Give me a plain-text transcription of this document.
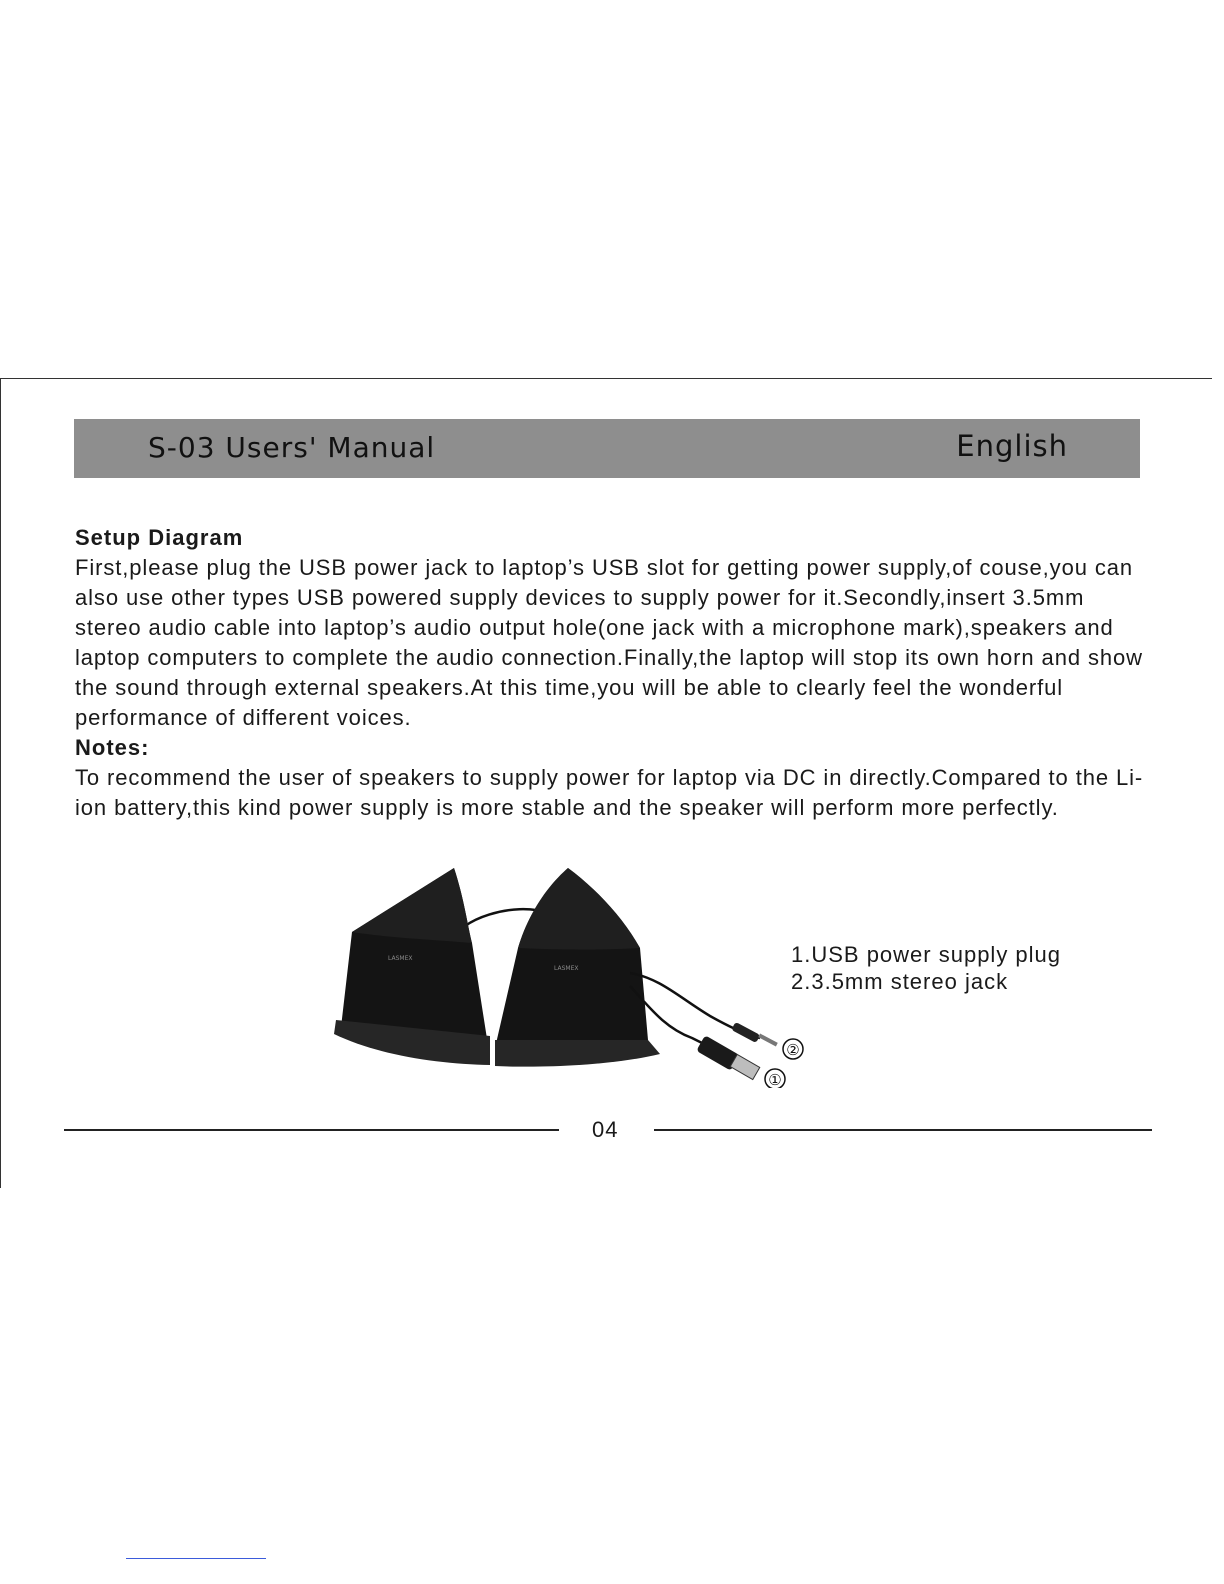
S-03 Users' Manual	English
Setup Diagram

First,please plug the USB power jack to laptop’s USB slot for getting power supply,of couse,you can also use other types USB powered supply devices to supply power for it.Secondly,insert 3.5mm stereo audio cable into laptop’s audio output hole(one jack with a microphone mark),speakers and laptop computers to complete the audio connection.Finally,the laptop will stop its own horn and show the sound through external speakers.At this time,you will be able to clearly feel the wonderful performance of different voices.

Notes:

To recommend the user of speakers to supply power for laptop via DC in directly.Compared to the Li-ion battery,this kind power supply is more stable and the speaker will perform more perfectly.

LASMEX
LASMEX
②
①
1.USB power supply plug
2.3.5mm stereo jack
04
